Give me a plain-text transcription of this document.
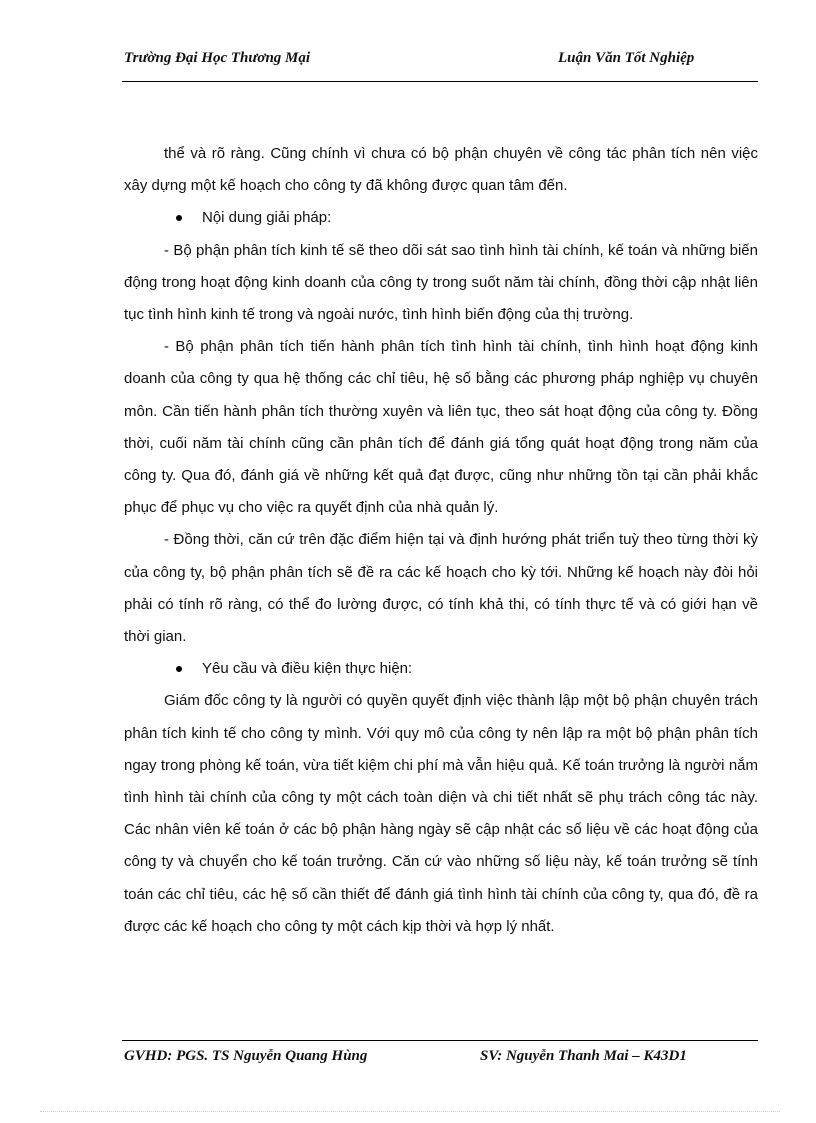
Trường Đại Học Thương Mại	Luận Văn Tốt Nghiệp

thể và rõ ràng. Cũng chính vì chưa có bộ phận chuyên về công tác phân tích nên việc xây dựng một kế hoạch cho công ty đã không được quan tâm đến.

Nội dung giải pháp:

- Bộ phận phân tích kinh tế sẽ theo dõi sát sao tình hình tài chính, kế toán và những biến động trong hoạt động kinh doanh của công ty trong suốt năm tài chính, đồng thời cập nhật liên tục tình hình kinh tế trong và ngoài nước, tình hình biến động của thị trường.

- Bộ phận phân tích tiến hành phân tích tình hình tài chính, tình hình hoạt động kinh doanh của công ty qua hệ thống các chỉ tiêu, hệ số bằng các phương pháp nghiệp vụ chuyên môn. Cần tiến hành phân tích thường xuyên và liên tục, theo sát hoạt động của công ty. Đồng thời, cuối năm tài chính cũng cần phân tích để đánh giá tổng quát hoạt động trong năm của công ty. Qua đó, đánh giá về những kết quả đạt được, cũng như những tồn tại cần phải khắc phục để phục vụ cho việc ra quyết định của nhà quản lý.

- Đồng thời, căn cứ trên đặc điểm hiện tại và định hướng phát triển tuỳ theo từng thời kỳ của công ty, bộ phận phân tích sẽ đề ra các kế hoạch cho kỳ tới. Những kế hoạch này đòi hỏi phải có tính rõ ràng, có thể đo lường được, có tính khả thi, có tính thực tế và có giới hạn về thời gian.

Yêu cầu và điều kiện thực hiện:

Giám đốc công ty là người có quyền quyết định việc thành lập một bộ phận chuyên trách phân tích kinh tế cho công ty mình. Với quy mô của công ty nên lập ra một bộ phận phân tích ngay trong phòng kế toán, vừa tiết kiệm chi phí mà vẫn hiệu quả. Kế toán trưởng là người nắm tình hình tài chính của công ty một cách toàn diện và chi tiết nhất sẽ phụ trách công tác này. Các nhân viên kế toán ở các bộ phận hàng ngày sẽ cập nhật các số liệu về các hoạt động của công ty và chuyển cho kế toán trưởng. Căn cứ vào những số liệu này, kế toán trưởng sẽ tính toán các chỉ tiêu, các hệ số cần thiết để đánh giá tình hình tài chính của công ty, qua đó, đề ra được các kế hoạch cho công ty một cách kịp thời và hợp lý nhất.

GVHD: PGS. TS Nguyễn Quang Hùng	SV: Nguyễn Thanh Mai – K43D1
